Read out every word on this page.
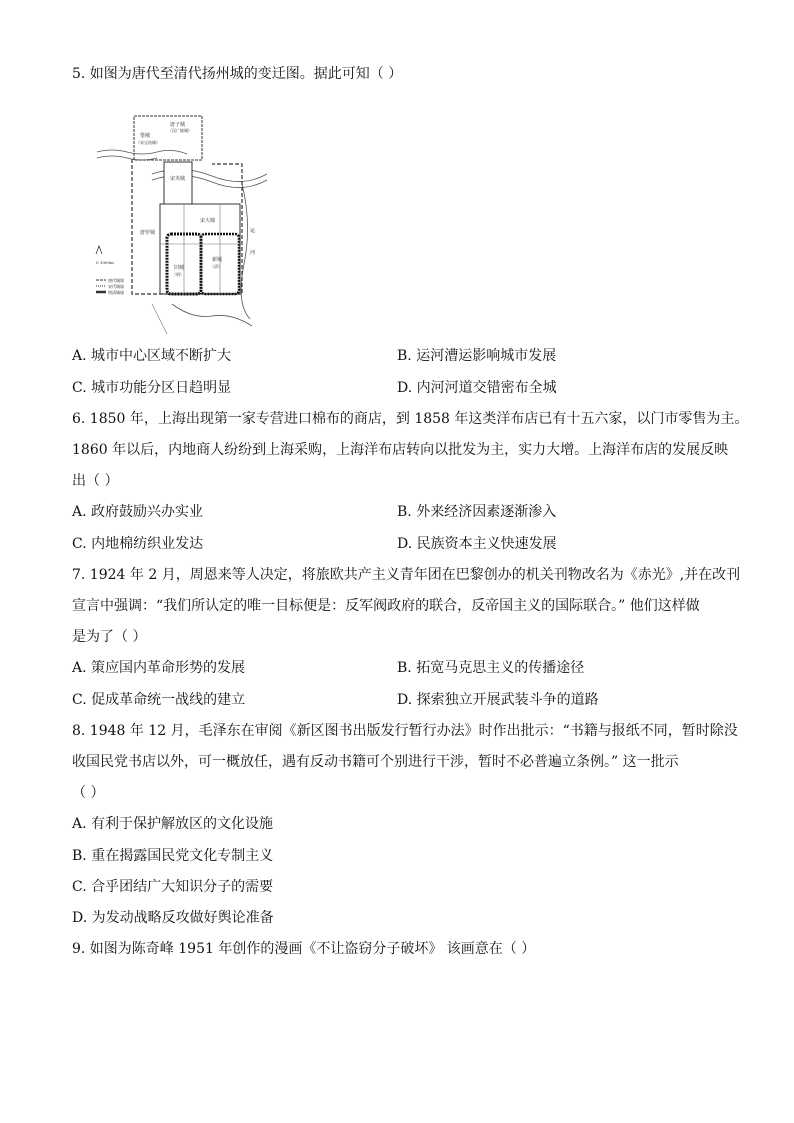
5. 如图为唐代至清代扬州城的变迁图。据此可知（ ）
唐子城
（汉广陵城）
堡城
（宋宝祐城）
宋夹城
宋大城
唐罗城
旧城
（明）
新城
（清）
运
河
0 1000m
唐代城墙
宋代城墙
明清城墙
A. 城市中心区域不断扩大	B. 运河漕运影响城市发展
C. 城市功能分区日趋明显	D. 内河河道交错密布全城
6. 1850 年，上海出现第一家专营进口棉布的商店，到 1858 年这类洋布店已有十五六家，以门市零售为主。
1860 年以后，内地商人纷纷到上海采购，上海洋布店转向以批发为主，实力大增。上海洋布店的发展反映
出（ ）
A. 政府鼓励兴办实业	B. 外来经济因素逐渐渗入
C. 内地棉纺织业发达	D. 民族资本主义快速发展
7. 1924 年 2 月，周恩来等人决定，将旅欧共产主义青年团在巴黎创办的机关刊物改名为《赤光》,并在改刊
宣言中强调：“我们所认定的唯一目标便是：反军阀政府的联合，反帝国主义的国际联合。” 他们这样做
是为了（ ）
A. 策应国内革命形势的发展	B. 拓宽马克思主义的传播途径
C. 促成革命统一战线的建立	D. 探索独立开展武装斗争的道路
8. 1948 年 12 月，毛泽东在审阅《新区图书出版发行暂行办法》时作出批示：“书籍与报纸不同，暂时除没
收国民党书店以外，可一概放任，遇有反动书籍可个别进行干涉，暂时不必普遍立条例。” 这一批示
（ ）
A. 有利于保护解放区的文化设施
B. 重在揭露国民党文化专制主义
C. 合乎团结广大知识分子的需要
D. 为发动战略反攻做好舆论准备
9. 如图为陈奇峰 1951 年创作的漫画《不让盗窃分子破坏》 该画意在（ ）
